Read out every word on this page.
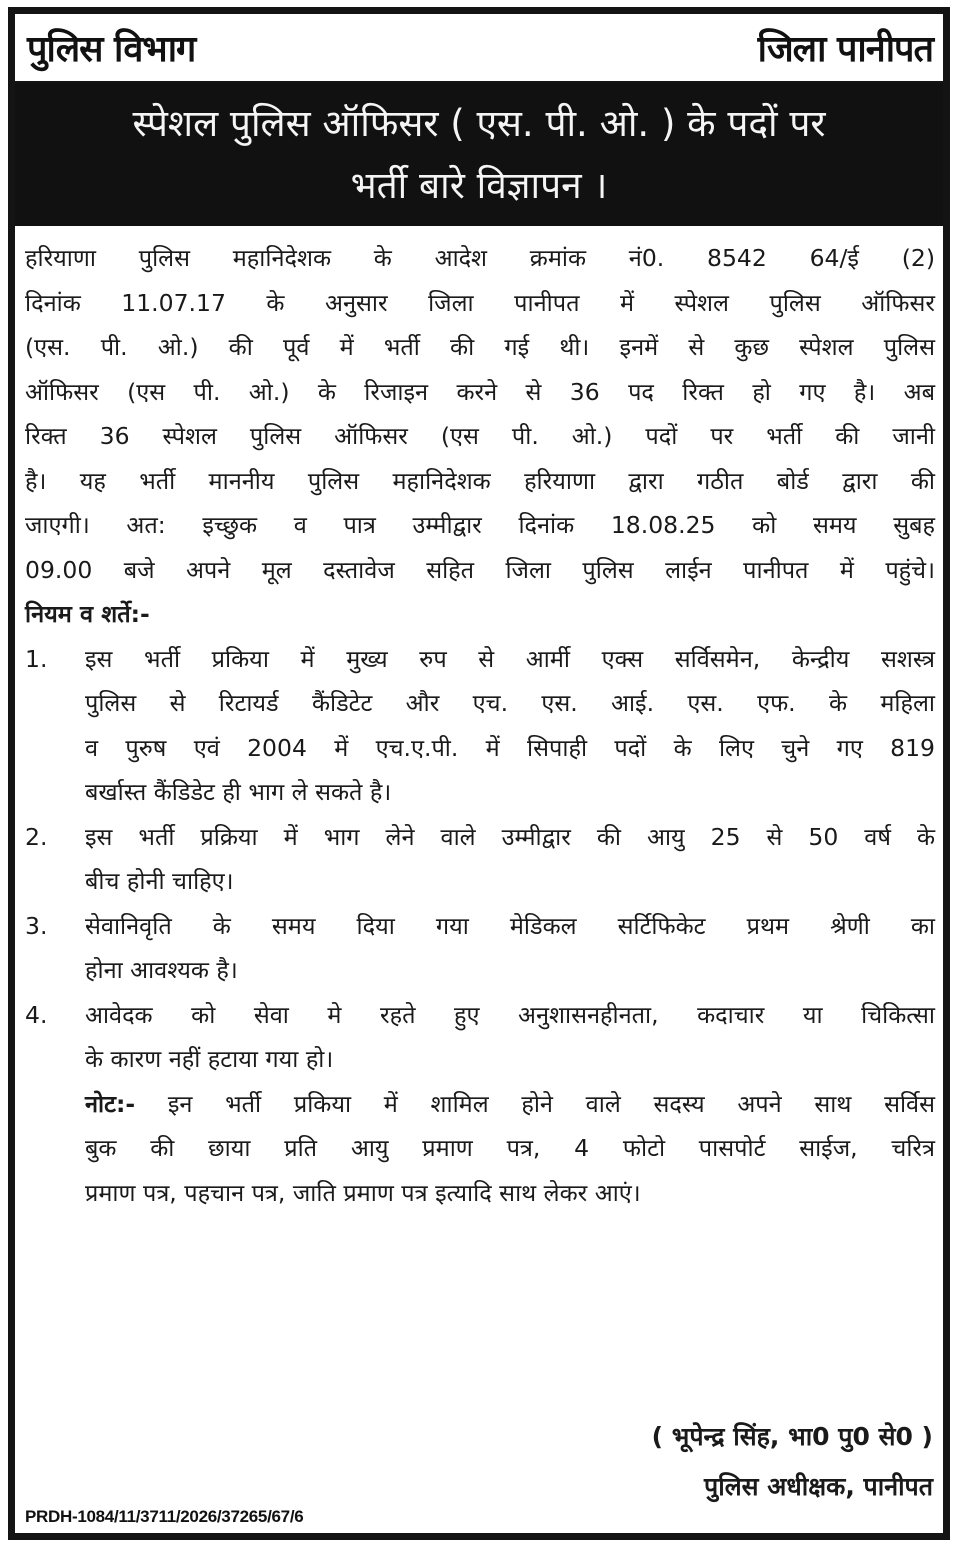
पुलिस विभाग	जिला पानीपत
स्पेशल पुलिस ऑफिसर ( एस. पी. ओ. ) के पदों पर
भर्ती बारे विज्ञापन ।

हरियाणा पुलिस महानिदेशक के आदेश क्रमांक नं0. 8542 64/ई (2)
दिनांक 11.07.17 के अनुसार जिला पानीपत में स्पेशल पुलिस ऑफिसर
(एस. पी. ओ.) की पूर्व में भर्ती की गई थी। इनमें से कुछ स्पेशल पुलिस
ऑफिसर (एस पी. ओ.) के रिजाइन करने से 36 पद रिक्त हो गए है। अब
रिक्त 36 स्पेशल पुलिस ऑफिसर (एस पी. ओ.) पदों पर भर्ती की जानी
है। यह भर्ती माननीय पुलिस महानिदेशक हरियाणा द्वारा गठीत बोर्ड द्वारा की
जाएगी। अत: इच्छुक व पात्र उम्मीद्वार दिनांक 18.08.25 को समय सुबह
09.00 बजे अपने मूल दस्तावेज सहित जिला पुलिस लाईन पानीपत में पहुंचे।

नियम व शर्ते:-

1.	इस भर्ती प्रकिया में मुख्य रुप से आर्मी एक्स सर्विसमेन, केन्द्रीय सशस्त्र
पुलिस से रिटायर्ड कैंडिटेट और एच. एस. आई. एस. एफ. के महिला
व पुरुष एवं 2004 में एच.ए.पी. में सिपाही पदों के लिए चुने गए 819
बर्खास्त कैंडिडेट ही भाग ले सकते है।
2.	इस भर्ती प्रक्रिया में भाग लेने वाले उम्मीद्वार की आयु 25 से 50 वर्ष के
बीच होनी चाहिए।
3.	सेवानिवृति के समय दिया गया मेडिकल सर्टिफिकेट प्रथम श्रेणी का
होना आवश्यक है।
4.	आवेदक को सेवा मे रहते हुए अनुशासनहीनता, कदाचार या चिकित्सा
के कारण नहीं हटाया गया हो।
नोट:- इन भर्ती प्रकिया में शामिल होने वाले सदस्य अपने साथ सर्विस
बुक की छाया प्रति आयु प्रमाण पत्र, 4 फोटो पासपोर्ट साईज, चरित्र
प्रमाण पत्र, पहचान पत्र, जाति प्रमाण पत्र इत्यादि साथ लेकर आएं।
( भूपेन्द्र सिंह, भा0 पु0 से0 )
पुलिस अधीक्षक, पानीपत
PRDH-1084/11/3711/2026/37265/67/6
